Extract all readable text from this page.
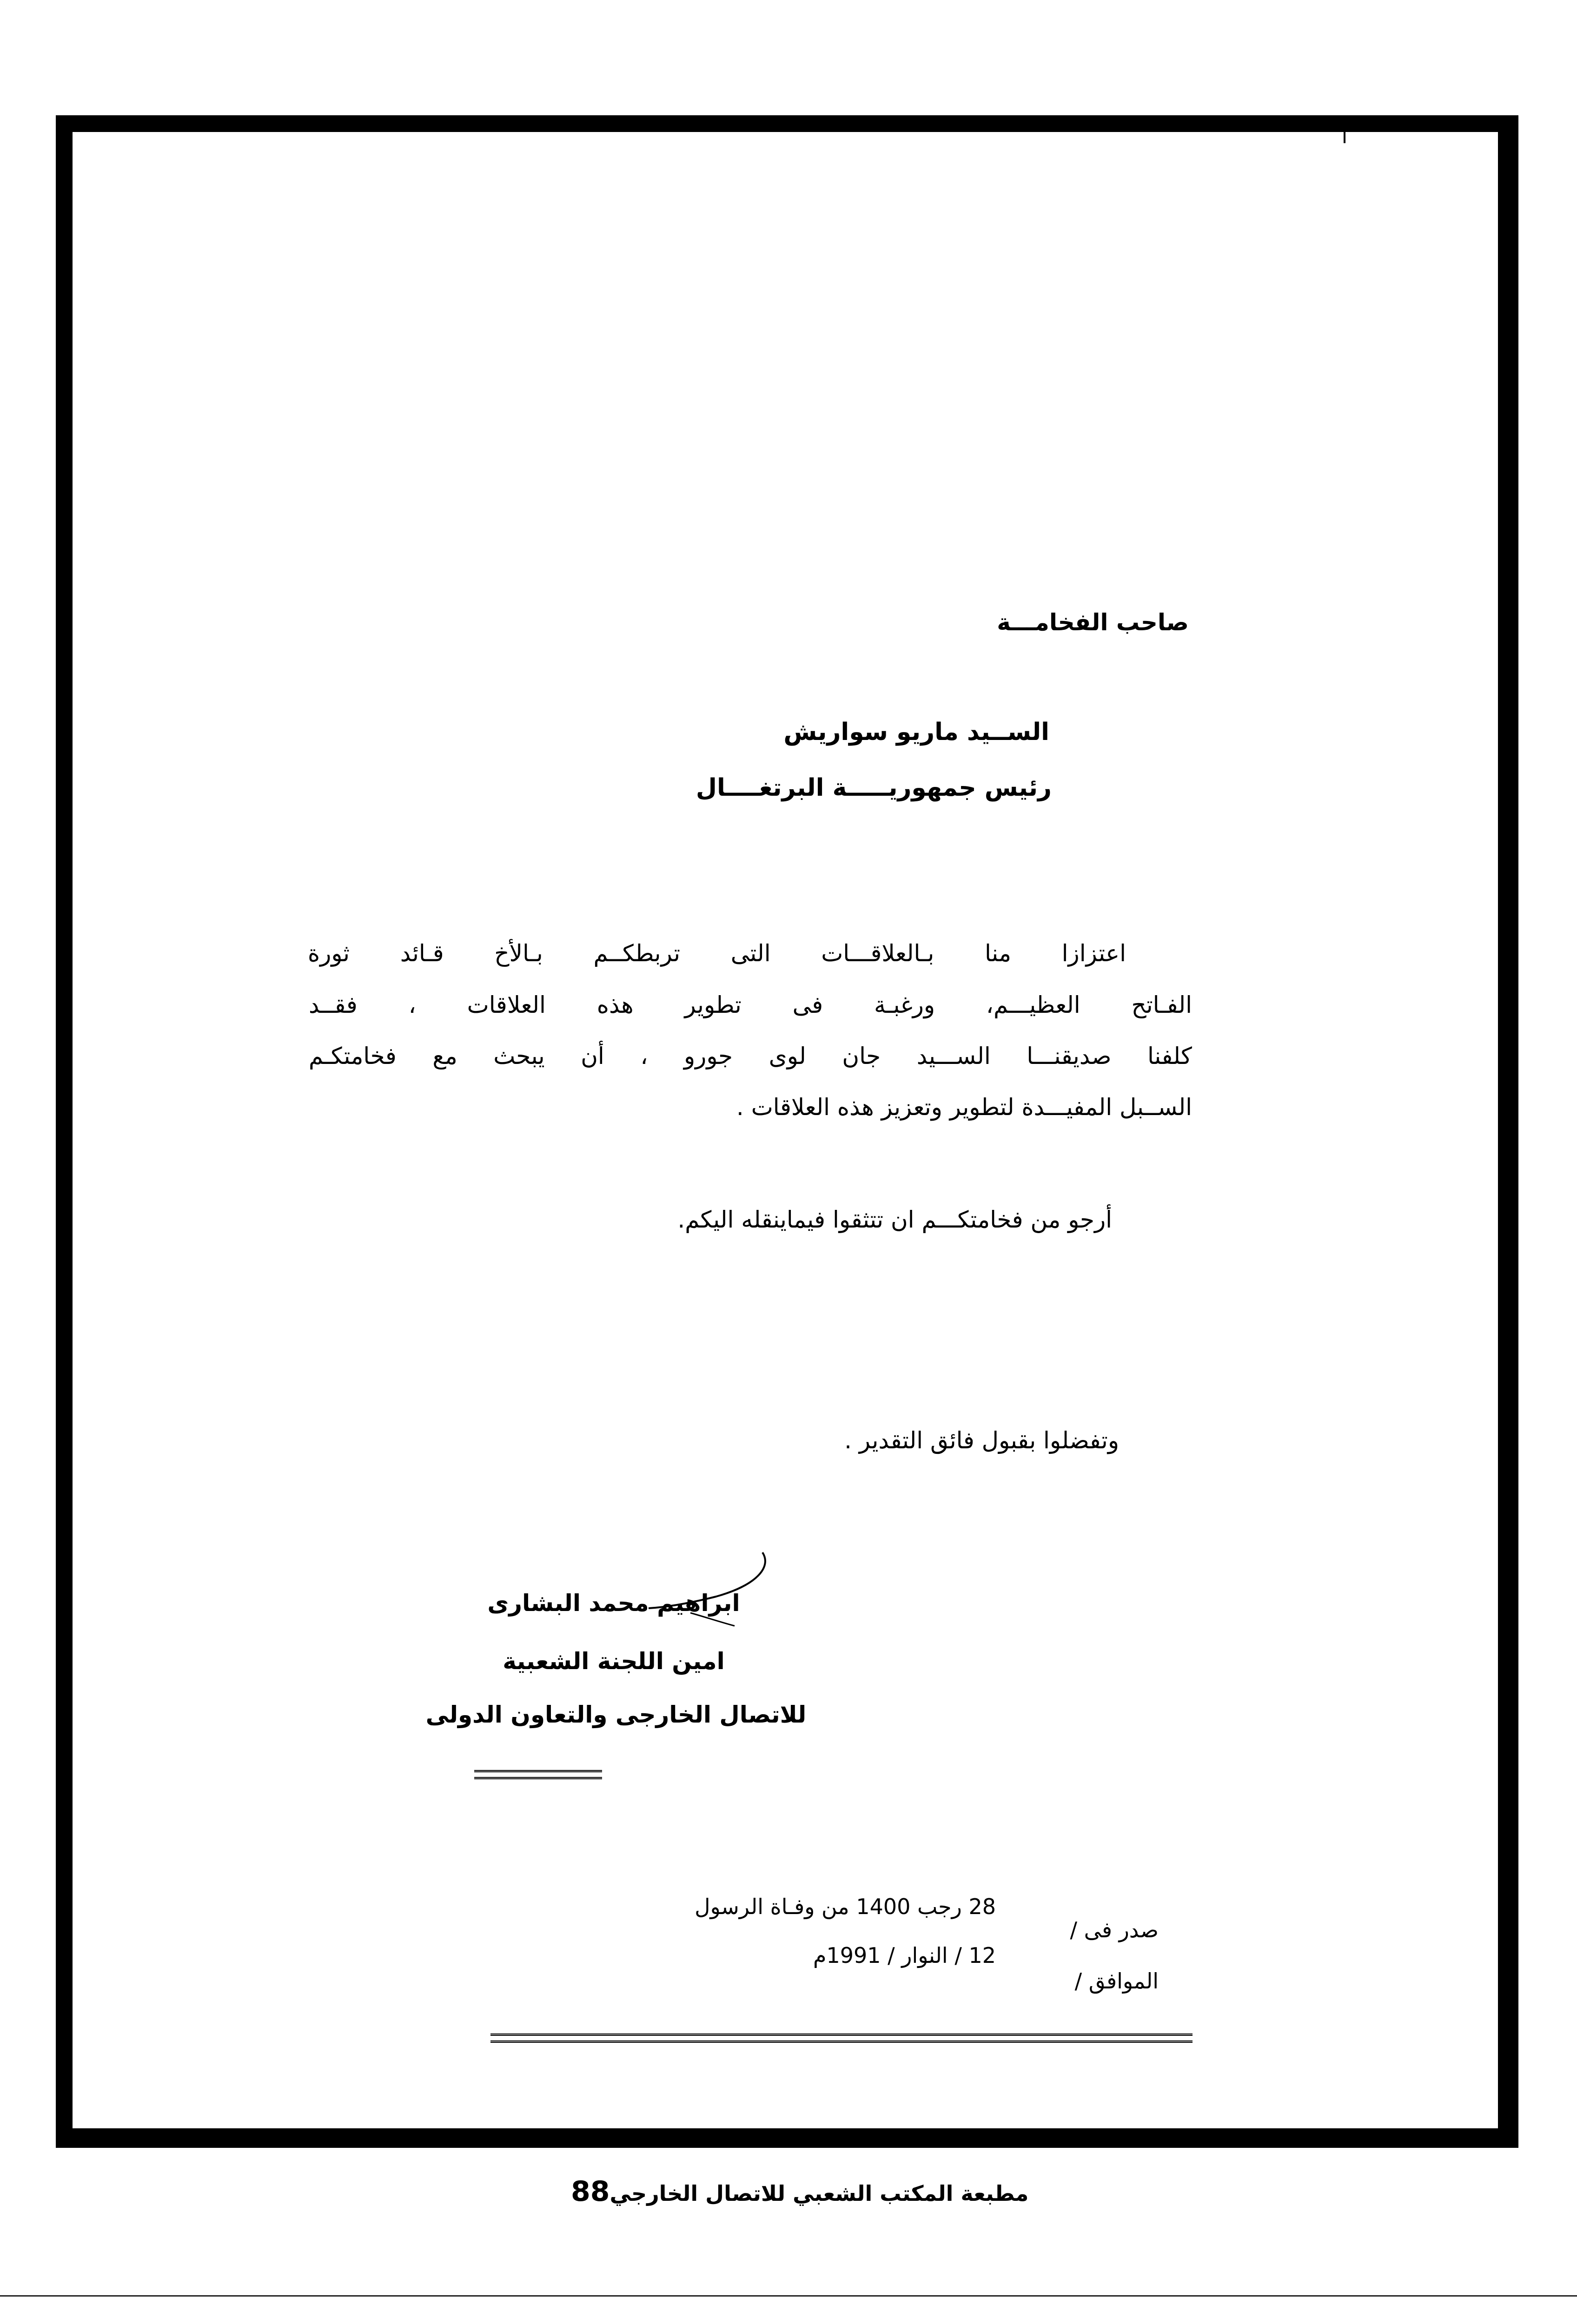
صاحب الفخامـــة
الســيد ماريو سواريش
رئيس جمهوريـــــة البرتغــــال
اعتزازا منا بـالعلاقـــات التى تربطكــم بـالأخ قـائد ثورة
الفـاتح العظيـــم، ورغبـة فى تطوير هذه العلاقات ، فقــد
كلفنا صديقنـــا الســـيد جان لوى جورو ، أن يبحث مع فخامتكـم
الســبل المفيـــدة لتطوير وتعزيز هذه العلاقات .
أرجو من فخامتكـــم ان تتثقوا فيماينقله اليكم.
وتفضلوا بقبول فائق التقدير .
ابراهيم محمد البشارى
امين اللجنة الشعبية
للاتصال الخارجى والتعاون الدولى
صدر فى /
الموافق /
28 رجب 1400 من وفـاة الرسول
12 / النوار / 1991م
مطبعة المكتب الشعبي للاتصال الخارجي88
